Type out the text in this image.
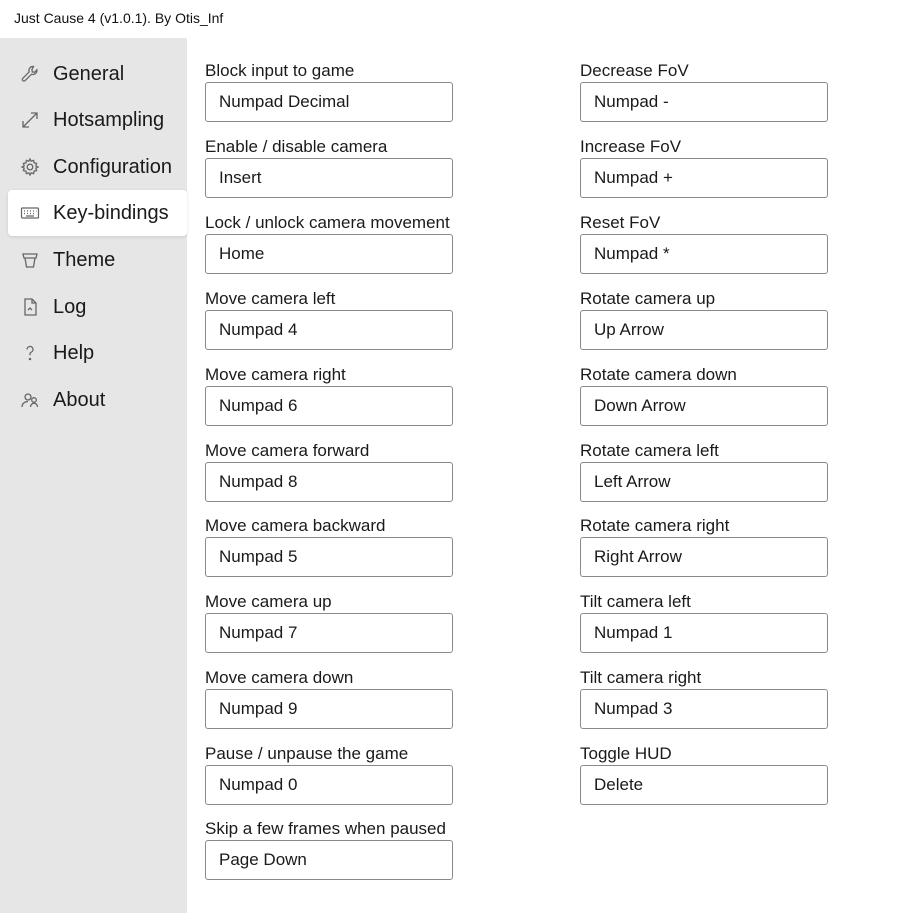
Just Cause 4 (v1.0.1). By Otis_Inf
General
Hotsampling
Configuration
Key-bindings
Theme
Log
Help
About
Block input to game
Numpad Decimal
Enable / disable camera
Insert
Lock / unlock camera movement
Home
Move camera left
Numpad 4
Move camera right
Numpad 6
Move camera forward
Numpad 8
Move camera backward
Numpad 5
Move camera up
Numpad 7
Move camera down
Numpad 9
Pause / unpause the game
Numpad 0
Skip a few frames when paused
Page Down
Decrease FoV
Numpad -
Increase FoV
Numpad +
Reset FoV
Numpad *
Rotate camera up
Up Arrow
Rotate camera down
Down Arrow
Rotate camera left
Left Arrow
Rotate camera right
Right Arrow
Tilt camera left
Numpad 1
Tilt camera right
Numpad 3
Toggle HUD
Delete
